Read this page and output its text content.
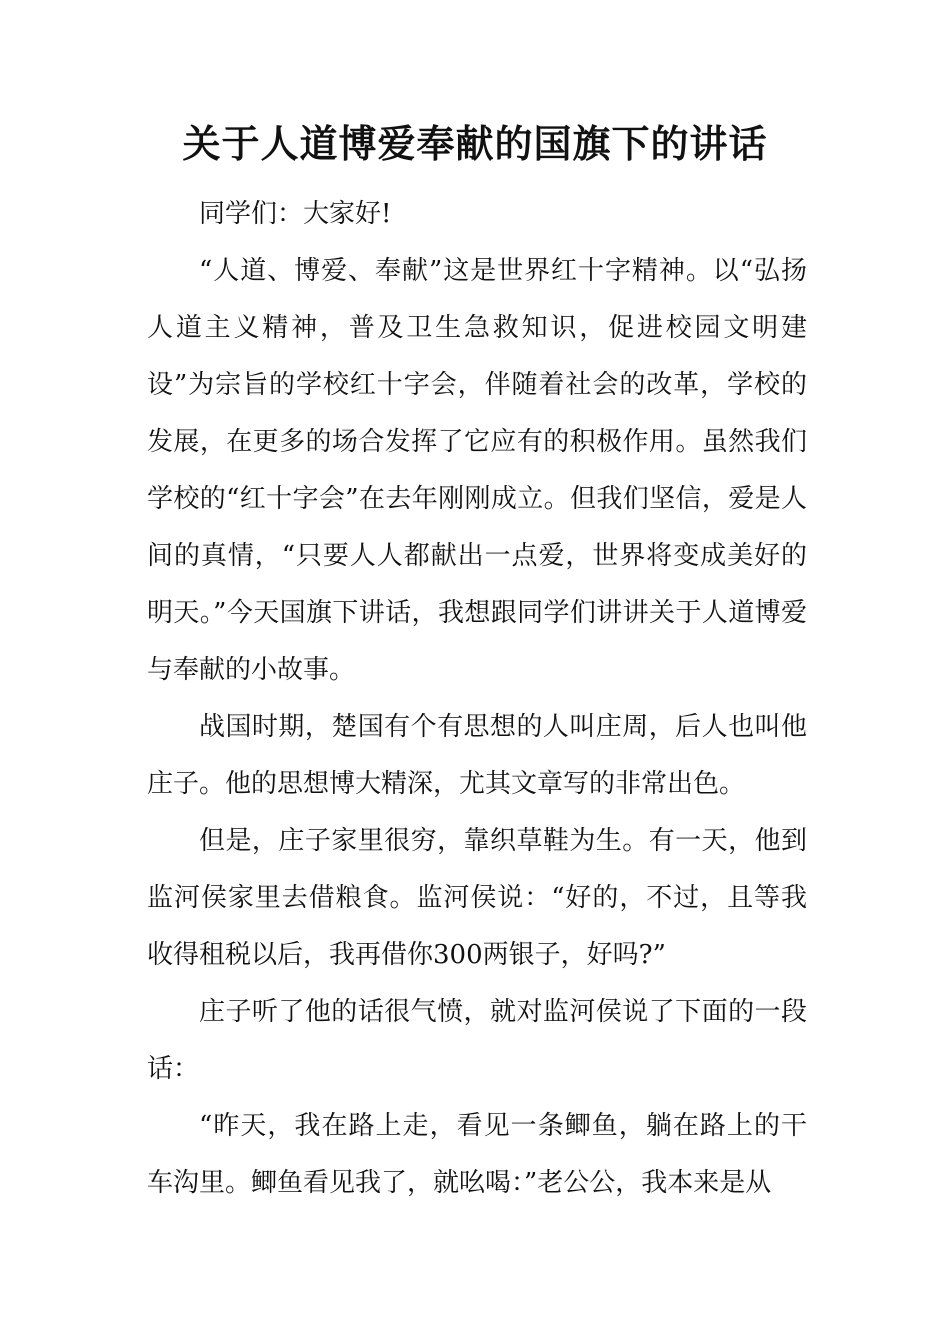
关于人道博爱奉献的国旗下的讲话

同学们：大家好!

“人道、博爱、奉献”这是世界红十字精神。以“弘扬人道主义精神，普及卫生急救知识，促进校园文明建设”为宗旨的学校红十字会，伴随着社会的改革，学校的发展，在更多的场合发挥了它应有的积极作用。虽然我们学校的“红十字会”在去年刚刚成立。但我们坚信，爱是人间的真情，“只要人人都献出一点爱，世界将变成美好的明天。”今天国旗下讲话，我想跟同学们讲讲关于人道博爱与奉献的小故事。

战国时期，楚国有个有思想的人叫庄周，后人也叫他庄子。他的思想博大精深，尤其文章写的非常出色。

但是，庄子家里很穷，靠织草鞋为生。有一天，他到监河侯家里去借粮食。监河侯说：“好的，不过，且等我收得租税以后，我再借你300两银子，好吗?”

庄子听了他的话很气愤，就对监河侯说了下面的一段话：

“昨天，我在路上走，看见一条鲫鱼，躺在路上的干车沟里。鲫鱼看见我了，就吆喝：”老公公，我本来是从
